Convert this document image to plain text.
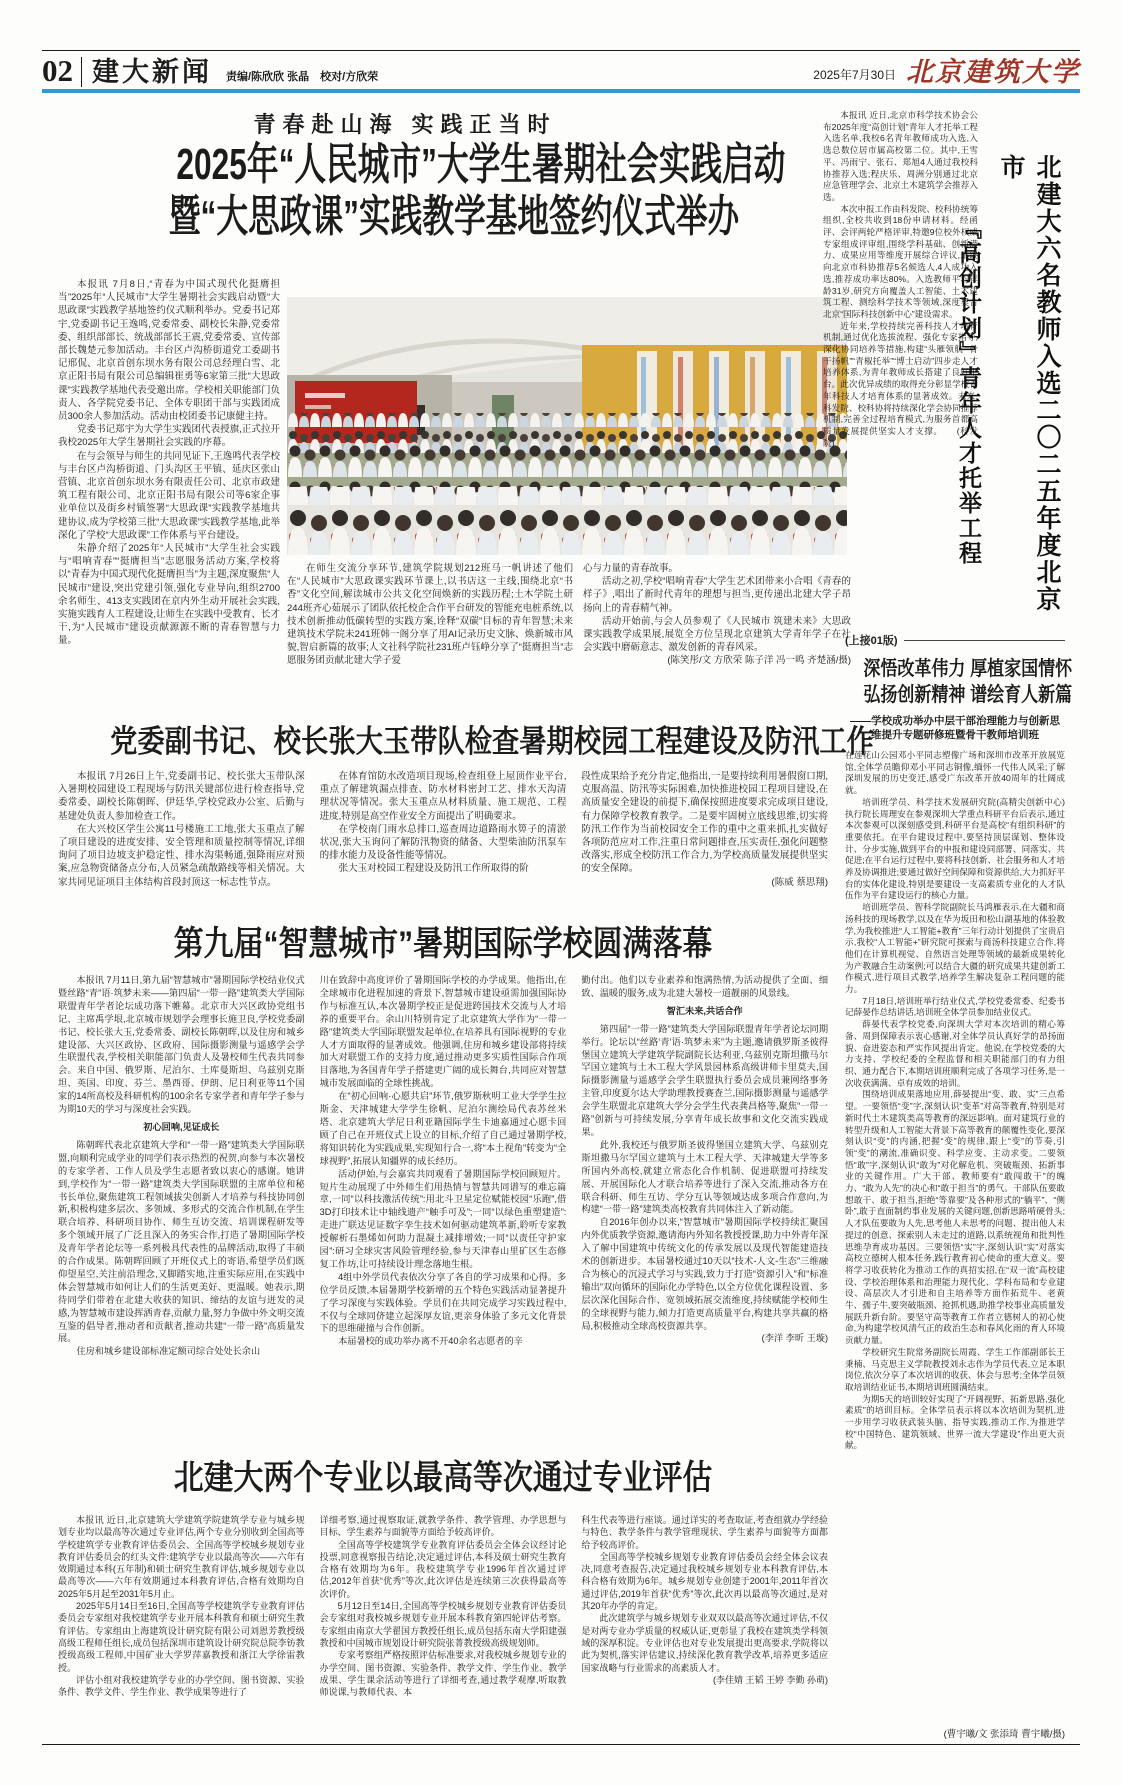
02 建大新闻 责编/陈欣欣 张晶　校对/方欣荣	2025年7月30日 北京建筑大学
青春赴山海 实践正当时
2025年“人民城市”大学生暑期社会实践启动
暨“大思政课”实践教学基地签约仪式举办

本报讯 7月8日,“青春为中国式现代化挺膺担当”2025年“人民城市”大学生暑期社会实践启动暨“大思政课”实践教学基地签约仪式顺利举办。党委书记郑宇,党委副书记王逸鸣,党委常委、副校长朱静,党委常委、组织部部长、统战部部长王震,党委常委、宣传部部长魏楚元参加活动。丰台区卢沟桥街道党工委副书记邢侃、北京首创东坝水务有限公司总经理白雪、北京正阳书局有限公司总编辑崔勇等6家第三批“大思政课”实践教学基地代表受邀出席。学校相关职能部门负责人、各学院党委书记、全体专职团干部与实践团成员300余人参加活动。活动由校团委书记康健主持。

党委书记郑宇为大学生实践团代表授旗,正式拉开我校2025年大学生暑期社会实践的序幕。

在与会领导与师生的共同见证下,王逸鸣代表学校与丰台区卢沟桥街道、门头沟区王平镇、延庆区张山营镇、北京首创东坝水务有限责任公司、北京市政建筑工程有限公司、北京正阳书局有限公司等6家企事业单位以及街乡村镇签署“大思政课”实践教学基地共建协议,成为学校第三批“大思政课”实践教学基地,此举深化了学校“大思政课”工作体系与平台建设。

朱静介绍了2025年“人民城市”大学生社会实践与“唱响青春”“挺膺担当”志愿服务活动方案,学校将以“青春为中国式现代化挺膺担当”为主题,深度聚焦“人民城市”建设,突出党建引领,强化专业导向,组织2700余名师生、413支实践团在京内外生动开展社会实践,实施实践育人工程建设,让师生在实践中受教育、长才干,为“人民城市”建设贡献源源不断的青春智慧与力量。

在师生交流分享环节,建筑学院规划212班马一帆讲述了他们在“人民城市”大思政课实践环节课上,以书店这一主线,围绕北京“书香”文化空间,解读城市公共文化空间焕新的实践历程;土木学院土研244班齐心茹展示了团队依托校企合作平台研发的智能充电桩系统,以技术创新推动低碳转型的实践方案,诠释“双碳”目标的青年智慧;未来建筑技术学院未241班韩一阁分享了用AI记录历史文脉、焕新城市风貌,智启新篇的故事;人文社科学院社231班卢钰峥分享了“挺膺担当”志愿服务团贡献北建大学子爱

心与力量的青春故事。

活动之初,学校“唱响青春”大学生艺术团带来小合唱《青春的样子》,唱出了新时代青年的理想与担当,更传递出北建大学子昂扬向上的青春精气神。

活动开始前,与会人员参观了《人民城市 筑建未来》大思政课实践教学成果展,展览全方位呈现北京建筑大学青年学子在社会实践中磨砺意志、激发创新的青春风采。

(陈笑彤/文 方欣荣 陈子洋 冯一鸣 齐楚涵/摄)

本报讯 近日,北京市科学技术协会公布2025年度“高创计划”青年人才托举工程入选名单,我校6名青年教师成功入选,入选总数位居市属高校第二位。其中,王雪平、冯雨宁、张石、郑旭4人通过我校科协推荐入选;程庆乐、周洲分别通过北京应急管理学会、北京土木建筑学会推荐入选。

本次申报工作由科发院、校科协统筹组织,全校共收到18份申请材料。经函评、会评两轮严格评审,特邀9位校外权威专家组成评审组,围绕学科基础、创新潜力、成果应用等维度开展综合评议,最终向北京市科协推荐5名候选人,4人成功入选,推荐成功率达80%。入选教师平均年龄31岁,研究方向覆盖人工智能、土木建筑工程、测绘科学技术等领域,深度契合北京“国际科技创新中心”建设需求。

近年来,学校持续完善科技人才培育机制,通过优化选拔流程、强化专家指导,深化协同培养等措施,构建“头雁领航”“骨干扬帆”“青椒托举”“博士启动”四步走人才培养体系,为青年教师成长搭建了良好平台。此次优异成绩的取得充分彰显学校青年科技人才培育体系的显著成效。未来,科发院、校科协将持续深化学会协同推荐机制,完善全过程培育模式,为服务首都高质量发展提供坚实人才支撑。　　(科发院)	北建大六名教师入选二〇二五年度北京市
『高创计划』青年人才托举工程
(上接01版)
深悟改革伟力 厚植家国情怀
弘扬创新精神 谱绘育人新篇
——学校成功举办中层干部治理能力与创新思维提升专题研修班暨骨干教师培训班

在莲花山公园邓小平同志塑像广场和深圳市改革开放展览馆,全体学员瞻仰邓小平同志铜像,缅怀一代伟人风采;了解深圳发展的历史变迁,感受广东改革开放40周年的壮阔成就。

培训班学员、科学技术发展研究院(高精尖创新中心)执行院长周理安在参观深圳大学重点科研平台后表示,通过本次参观可以深刻感受到,科研平台是高校“有组织科研”的重要依托。在平台建设过程中,要坚持顶层谋划、整体设计、分步实施,做到平台的申报和建设同部署、同落实、共促进;在平台运行过程中,要将科技创新、社会服务和人才培养及协调推进;要通过做好空间保障和资源供给,大力抓好平台的实体化建设,特别是要建设一支高素质专业化的人才队伍作为平台建设运行的核心力量。

培训班学员、智科学院副院长马鸿雁表示,在大疆和商汤科技的现场教学,以及在华为坂田和松山湖基地的体验教学,为我校推进“人工智能+教育”三年行动计划提供了宝贵启示,我校“人工智能+”研究院可探索与商汤科技建立合作,将他们在计算机视觉、自然语言处理等领域的最新成果转化为产教融合生动案例;可以结合大疆的研究成果共建创新工作模式,进行项目式教学,培养学生解决复杂工程问题的能力。

7月18日,培训班举行结业仪式,学校党委常委、纪委书记薛晏作总结讲话,培训班全体学员参加结业仪式。

薛晏代表学校党委,向深圳大学对本次培训的精心筹备、周到保障表示衷心感谢,对全体学员认真好学的昂扬面貌、奋进姿态和严实作风提出肯定。他说,在学校党委的大力支持、学校纪委的全程监督和相关职能部门的有力组织、通力配合下,本期培训班顺利完成了各项学习任务,是一次收获满满、卓有成效的培训。

围绕培训成果落地应用,薛晏提出“变、敢、实”三点希望。一要领悟“变”字,深刻认识“变革”对高等教育,特别是对新时代土木建筑类高等教育的深远影响。面对建筑行业的转型升级和人工智能大背景下高等教育的颠覆性变化,要深刻认识“变”的内涵,把握“变”的规律,跟上“变”的节奏,引领“变”的潮流,准确识变、科学应变、主动求变。二要领悟“敢”字,深刻认识“敢为”对化解危机、突破瓶颈、拓新事业的关键作用。广大干部、教师要有“敢闯敢干”的魄力、“敢为人先”的决心和“敢于担当”的勇气。干部队伍要敢想敢干、敢于担当,拒绝“等靠要”及各种形式的“躺平”、“侧卧”,敢于直面制约事业发展的关键问题,创新思路啃硬骨头;人才队伍要敢为人先,思考他人未思考的问题、提出他人未提过的创意、探索别人未走过的道路,以系统视角和批判性思维孕育成功基因。三要领悟“实”字,深刻认识“实”对落实高校立德树人根本任务,践行教育初心使命的重大意义。要将学习收获转化为推动工作的真招实招,在“双一流”高校建设、学校治理体系和治理能力现代化、学科布局和专业建设、高层次人才引进和自主培养等方面作拓荒牛、老黄牛、孺子牛,要突破瓶颈、抢抓机遇,助推学校事业高质量发展跃升新台阶。要坚守高等教育工作者立德树人的初心使命,为构建学校风清气正的政治生态和春风化雨的育人环境贡献力量。

学校研究生院常务副院长周霞、学生工作部副部长王秉楠、马克思主义学院教授刘永志作为学员代表,立足本职岗位,依次分享了本次培训的收获、体会与思考;全体学员领取培训结业证书,本期培训班圆满结束。

为期5天的培训较好实现了“开阔视野、拓新思路,强化素质”的培训目标。全体学员表示将以本次培训为契机,进一步用学习收获武装头脑、指导实践,推动工作,为推进学校“中国特色、建筑领域、世界一流大学建设”作出更大贡献。

(曹宇曦/文 张添琦 曹宇曦/摄)
党委副书记、校长张大玉带队检查暑期校园工程建设及防汛工作

本报讯 7月26日上午,党委副书记、校长张大玉带队深入暑期校园建设工程现场与防汛关键部位进行检查指导,党委常委、副校长陈朝晖、伊廷华,学校党政办公室、后勤与基建处负责人参加检查工作。

在大兴校区学生公寓11号楼施工工地,张大玉重点了解了项目建设的进度安排、安全管理和质量控制等情况,详细询问了项目边坡支护稳定性、排水沟渠畅通,强降雨应对预案,应急物资储备点分布,人员紧急疏散路线等相关情况。大家共同见证项目主体结构首段封顶这一标志性节点。

在体育馆防水改造项目现场,检查组登上屋顶作业平台,重点了解建筑漏点排查、防水材料密封工艺、排水天沟清理状况等情况。张大玉重点从材料质量、施工规范、工程进度,特别是高空作业安全方面提出了明确要求。

在学校南门雨水总排口,巡查周边道路雨水箅子的清淤状况,张大玉询问了解防汛物资的储备、大型柴油防汛泵车的排水能力及设备性能等情况。

张大玉对校园工程建设及防汛工作所取得的阶

段性成果给予充分肯定,他指出,一是要持续利用暑假窗口期,克服高温、防汛等实际困难,加快推进校园工程项目建设,在高质量安全建设的前提下,确保按照进度要求完成项目建设,有力保障学校教育教学。二是要牢固树立底线思维,切实将防汛工作作为当前校园安全工作的重中之重来抓,扎实做好各项防范应对工作,注重日常问题排查,压实责任,强化问题整改落实,形成全校防汛工作合力,为学校高质量发展提供坚实的安全保障。

(陈威 蔡思翔)

第九届“智慧城市”暑期国际学校圆满落幕

本报讯 7月11日,第九届“智慧城市”暑期国际学校结业仪式暨丝路“青”语·筑梦未来——第四届“一带一路”建筑类大学国际联盟青年学者论坛成功落下帷幕。北京市大兴区政协党组书记、主席禹学垠,北京城市规划学会理事长施卫良,学校党委副书记、校长张大玉,党委常委、副校长陈朝晖,以及住房和城乡建设部、大兴区政协、区政府、国际摄影测量与遥感学会学生联盟代表,学校相关职能部门负责人及暑校师生代表共同参会。来自中国、俄罗斯、尼泊尔、土库曼斯坦、乌兹别克斯坦、英国、印度、芬兰、墨西哥、伊朗、尼日利亚等11个国家的14所高校及科研机构的100余名专家学者和青年学子参与为期10天的学习与深度社会实践。

初心回响,见证成长

陈朝晖代表北京建筑大学和“一带一路”建筑类大学国际联盟,向顺利完成学业的同学们表示热烈的祝贺,向参与本次暑校的专家学者、工作人员及学生志愿者致以衷心的感谢。她讲到,学校作为“一带一路”建筑类大学国际联盟的主席单位和秘书长单位,聚焦建筑工程领域拔尖创新人才培养与科技协同创新,积极构建多层次、多领域、多形式的交流合作机制,在学生联合培养、科研项目协作、师生互访交流、培训课程研发等多个领域开展了广泛且深入的务实合作,打造了暑期国际学校及青年学者论坛等一系列极具代表性的品牌活动,取得了丰硕的合作成果。陈朝晖回顾了开班仪式上的寄语,希望学员们既仰望星空,关注前沿理念,又脚踏实地,注重实际应用,在实践中体会智慧城市如何让人们的生活更美好、更温暖。她表示,期待同学们带着在北建大收获的知识、缔结的友谊与迸发的灵感,为智慧城市建设挥洒青春,贡献力量,努力争做中外文明交流互鉴的倡导者,推动者和贡献者,推动共建“一带一路”高质量发展。

住房和城乡建设部标准定额司综合处处长余山

川在致辞中高度评价了暑期国际学校的办学成果。他指出,在全球城市化进程加速的背景下,智慧城市建设亟需加强国际协作与标准互认,本次暑期学校正是促进跨国技术交流与人才培养的重要平台。余山川特别肯定了北京建筑大学作为“一带一路”建筑类大学国际联盟发起单位,在培养具有国际视野的专业人才方面取得的显著成效。他强调,住房和城乡建设部将持续加大对联盟工作的支持力度,通过推动更多实质性国际合作项目落地,为各国青年学子搭建更广阔的成长舞台,共同应对智慧城市发展面临的全球性挑战。

在“初心回响·心愿共启”环节,俄罗斯秋明工业大学学生拉斯金、天津城建大学学生徐帆、尼泊尔测绘局代表苏丝米塔、北京建筑大学尼日利亚籍国际学生卡迪嘉通过心愿卡回顾了自己在开班仪式上设立的目标,介绍了自己通过暑期学校,将知识转化为实践成果,实现知行合一,将“本土视角”转变为“全球视野”,拓展认知疆界的成长经历。

活动伊始,与会嘉宾共同观看了暑期国际学校回顾短片。短片生动展现了中外师生们用热情与智慧共同谱写的难忘篇章,一同“以科技激活传统”:用北斗卫星定位赋能校园“乐跑”,借3D打印技术让中轴线遗产“触手可及”;一同“以绿色重塑建造”:走进广联达见证数字孪生技术如何驱动建筑革新,聆听专家教授解析石墨烯如何助力混凝土减排增效;一同“以责任守护家园”:研习全球灾害风险管理经验,参与天津春山里矿区生态修复工作坊,让可持续设计理念落地生根。

4组中外学员代表依次分享了各自的学习成果和心得。多位学员反馈,本届暑期学校新增的五个特色实践活动显著提升了学习深度与实践体验。学员们在共同完成学习实践过程中,不仅与全球同侪建立起深厚友谊,更亲身体验了多元文化背景下的思维碰撞与合作创新。

本届暑校的成功举办离不开40余名志愿者的辛

勤付出。他们以专业素养和饱满热情,为活动提供了全面、细致、温暖的服务,成为北建大暑校一道靓丽的风景线。

智汇未来,共话合作

第四届“一带一路”建筑类大学国际联盟青年学者论坛同期举行。论坛以“丝路‘青’语·筑梦未来”为主题,邀请俄罗斯圣彼得堡国立建筑大学建筑学院副院长达利亚,乌兹别克斯坦撒马尔罕国立建筑与土木工程大学风景园林系高级讲师卡里莫夫,国际摄影测量与遥感学会学生联盟执行委员会成员兼网络事务主管,印度夏尔达大学助理教授赛查兰,国际摄影测量与遥感学会学生联盟北京建筑大学分会学生代表龚昌格等,聚焦“一带一路”创新与可持续发展,分享青年成长故事和文化交流实践成果。

此外,我校还与俄罗斯圣彼得堡国立建筑大学、乌兹别克斯坦撒马尔罕国立建筑与土木工程大学、天津城建大学等多所国内外高校,就建立常态化合作机制、促进联盟可持续发展、开展国际化人才联合培养等进行了深入交流,推动各方在联合科研、师生互访、学分互认等领域达成多项合作意向,为构建“一带一路”建筑类高校教育共同体注入了新动能。

自2016年创办以来,“智慧城市”暑期国际学校持续汇聚国内外优质教学资源,邀请海内外知名教授授课,助力中外青年深入了解中国建筑中传统文化的传承发展以及现代智能建造技术的创新进步。本届暑校通过10天以“技术-人文-生态”三维融合为核心的沉浸式学习与实践,致力于打造“资源引入”和“标准输出”双向循环的国际化办学特色,以全方位优化课程设置、多层次深化国际合作、宽领域拓展交流维度,持续赋能学校师生的全球视野与能力,倾力打造更高质量平台,构建共享共赢的格局,积极推动全球高校资源共享。

(李洋 李昕 王璇)

北建大两个专业以最高等次通过专业评估

本报讯 近日,北京建筑大学建筑学院建筑学专业与城乡规划专业均以最高等次通过专业评估,两个专业分别收到全国高等学校建筑学专业教育评估委员会、全国高等学校城乡规划专业教育评估委员会的红头文件:建筑学专业以最高等次——六年有效期通过本科(五年制)和硕士研究生教育评估,城乡规划专业以最高等次——六年有效期通过本科教育评估,合格有效期均自2025年5月起至2031年5月止。

2025年5月14日至16日,全国高等学校建筑学专业教育评估委员会专家组对我校建筑学专业开展本科教育和硕士研究生教育评估。专家组由上海建筑设计研究院有限公司刘恩芳教授级高级工程师任组长,成员包括深圳市建筑设计研究院总院李钫教授级高级工程师,中国矿业大学罗萍嘉教授和浙江大学徐雷教授。

评估小组对我校建筑学专业的办学空间、图书资源、实验条件、教学文件、学生作业、教学成果等进行了

详细考察,通过视察取证,就教学条件、教学管理、办学思想与目标、学生素养与面貌等方面给予较高评价。

全国高等学校建筑学专业教育评估委员会全体会议经讨论投票,同意视察报告结论,决定通过评估,本科及硕士研究生教育合格有效期均为6年。我校建筑学专业1996年首次通过评估,2012年首获“优秀”等次,此次评估是连续第三次获得最高等次评价。

5月12日至14日,全国高等学校城乡规划专业教育评估委员会专家组对我校城乡规划专业开展本科教育第四轮评估考察。专家组由南京大学翟国方教授任组长,成员包括东南大学阳建强教授和中国城市规划设计研究院张菁教授级高级规划师。

专家考察组严格按照评估标准要求,对我校城乡规划专业的办学空间、图书资源、实验条件、教学文件、学生作业、教学成果、学生课余活动等进行了详细考查,通过教学观摩,听取教师说课,与教师代表、本

科生代表等进行座谈。通过详实的考查取证,考查组就办学经验与特色、教学条件与教学管理现状、学生素养与面貌等方面都给予较高评价。

全国高等学校城乡规划专业教育评估委员会经全体会议表决,同意考查报告,决定通过我校城乡规划专业本科教育评估,本科合格有效期为6年。城乡规划专业创建于2001年,2011年首次通过评估,2019年首获“优秀”等次,此次再以最高等次通过,是对其20年办学的肯定。

此次建筑学与城乡规划专业双双以最高等次通过评估,不仅是对两专业办学质量的权威认证,更彰显了我校在建筑类学科领域的深厚积淀。专业评估也对专业发展提出更高要求,学院将以此为契机,落实评估建议,持续深化教育教学改革,培养更多适应国家战略与行业需求的高素质人才。

(李佳婧 王韬 王婷 李勤 孙萌)
